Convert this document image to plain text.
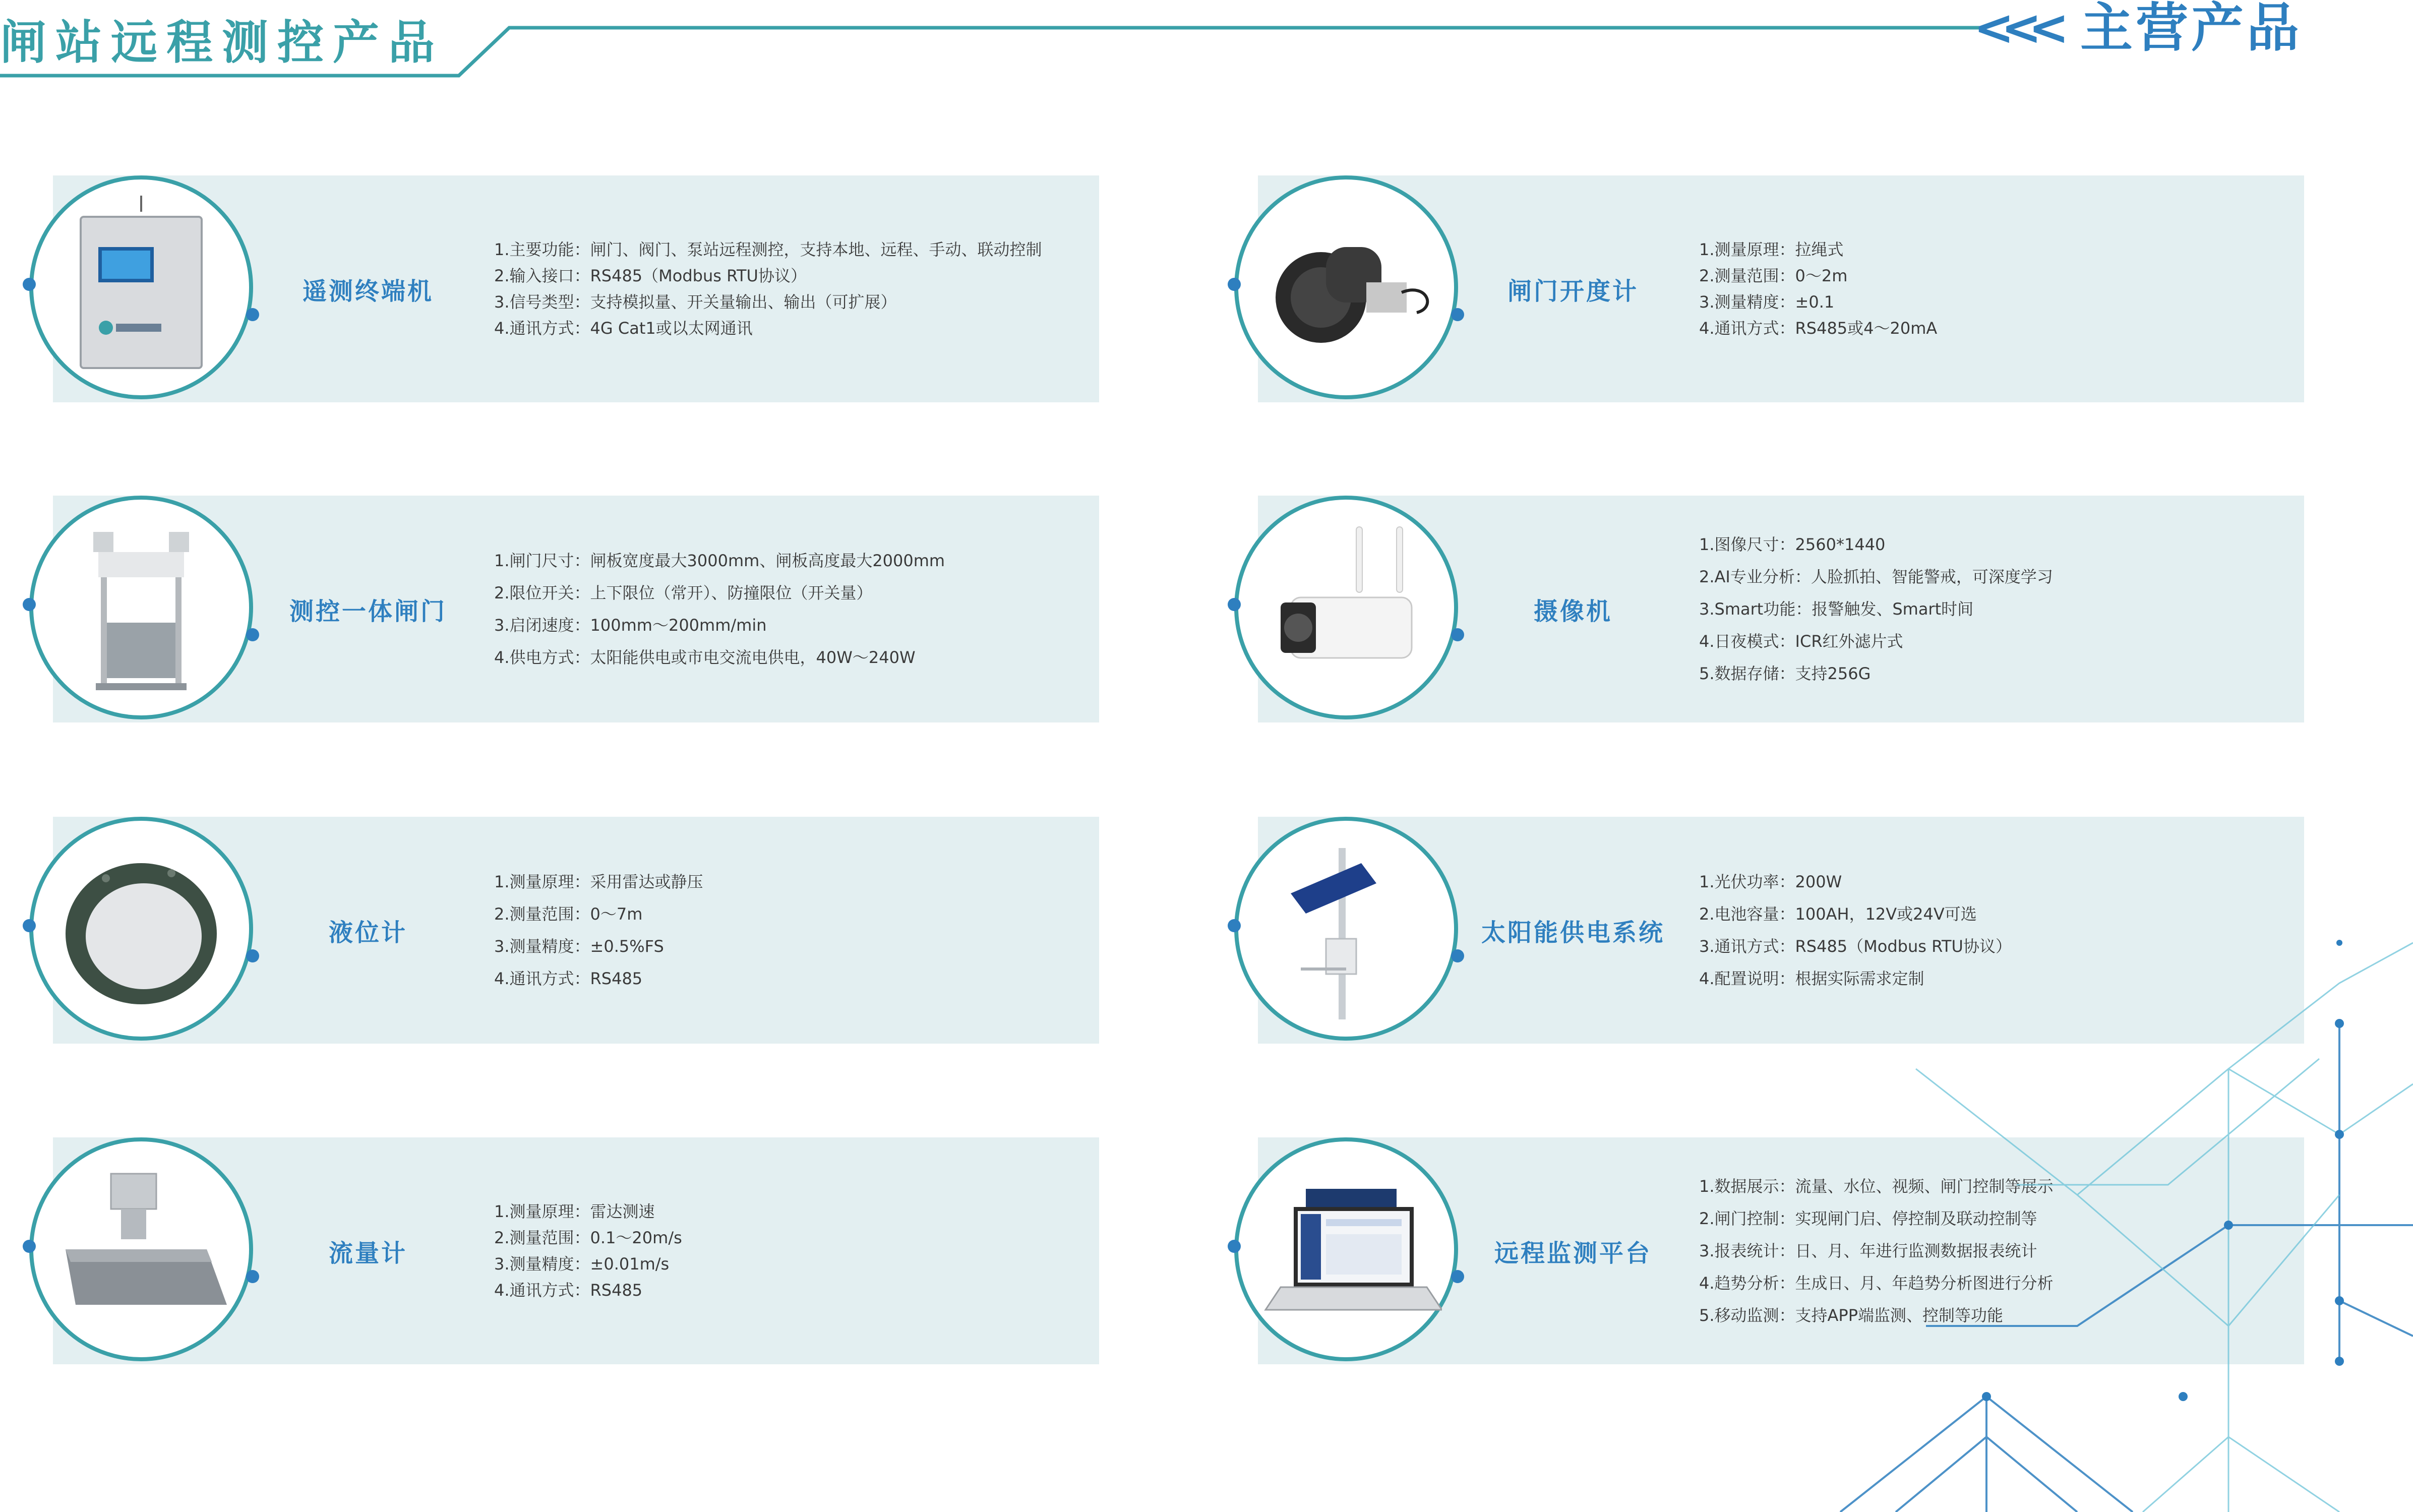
闸站远程测控产品	<<< 主营产品
遥测终端机
1.主要功能：闸门、阀门、泵站远程测控，支持本地、远程、手动、联动控制
2.输入接口：RS485（Modbus RTU协议）
3.信号类型：支持模拟量、开关量输出、输出（可扩展）
4.通讯方式：4G Cat1或以太网通讯
闸门开度计
1.测量原理：拉绳式
2.测量范围：0～2m
3.测量精度：±0.1
4.通讯方式：RS485或4～20mA
测控一体闸门
1.闸门尺寸：闸板宽度最大3000mm、闸板高度最大2000mm
2.限位开关：上下限位（常开）、防撞限位（开关量）
3.启闭速度：100mm～200mm/min
4.供电方式：太阳能供电或市电交流电供电，40W～240W
摄像机
1.图像尺寸：2560*1440
2.AI专业分析：人脸抓拍、智能警戒，可深度学习
3.Smart功能：报警触发、Smart时间
4.日夜模式：ICR红外滤片式
5.数据存储：支持256G
液位计
1.测量原理：采用雷达或静压
2.测量范围：0～7m
3.测量精度：±0.5%FS
4.通讯方式：RS485
太阳能供电系统
1.光伏功率：200W
2.电池容量：100AH，12V或24V可选
3.通讯方式：RS485（Modbus RTU协议）
4.配置说明：根据实际需求定制
流量计
1.测量原理：雷达测速
2.测量范围：0.1～20m/s
3.测量精度：±0.01m/s
4.通讯方式：RS485
远程监测平台
1.数据展示：流量、水位、视频、闸门控制等展示
2.闸门控制：实现闸门启、停控制及联动控制等
3.报表统计：日、月、年进行监测数据报表统计
4.趋势分析：生成日、月、年趋势分析图进行分析
5.移动监测：支持APP端监测、控制等功能
